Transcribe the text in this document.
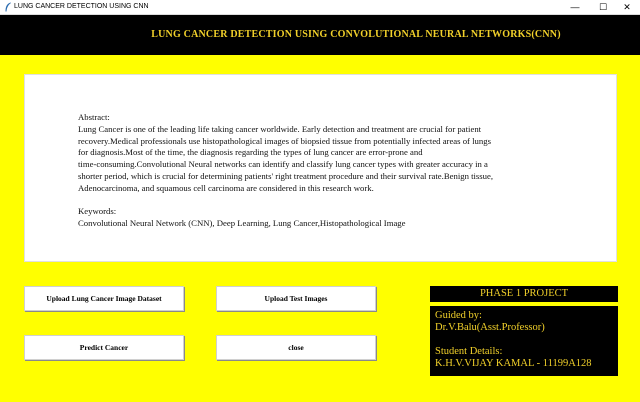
LUNG CANCER DETECTION USING CNN	—	☐	✕
LUNG CANCER DETECTION USING CONVOLUTIONAL NEURAL NETWORKS(CNN)
Abstract:
Lung Cancer is one of the leading life taking cancer worldwide. Early detection and treatment are crucial for patient
recovery.Medical professionals use histopathological images of biopsied tissue from potentially infected areas of lungs
for diagnosis.Most of the time, the diagnosis regarding the types of lung cancer are error-prone and
time-consuming.Convolutional Neural networks can identify and classify lung cancer types with greater accuracy in a
shorter period, which is crucial for determining patients' right treatment procedure and their survival rate.Benign tissue,
Adenocarcinoma, and squamous cell carcinoma are considered in this research work.

Keywords:
Convolutional Neural Network (CNN), Deep Learning, Lung Cancer,Histopathological Image
Upload Lung Cancer Image Dataset	Upload Test Images
Predict Cancer	close
PHASE 1 PROJECT
Guided by:
Dr.V.Balu(Asst.Professor)
Student Details:
K.H.V.VIJAY KAMAL - 11199A128
